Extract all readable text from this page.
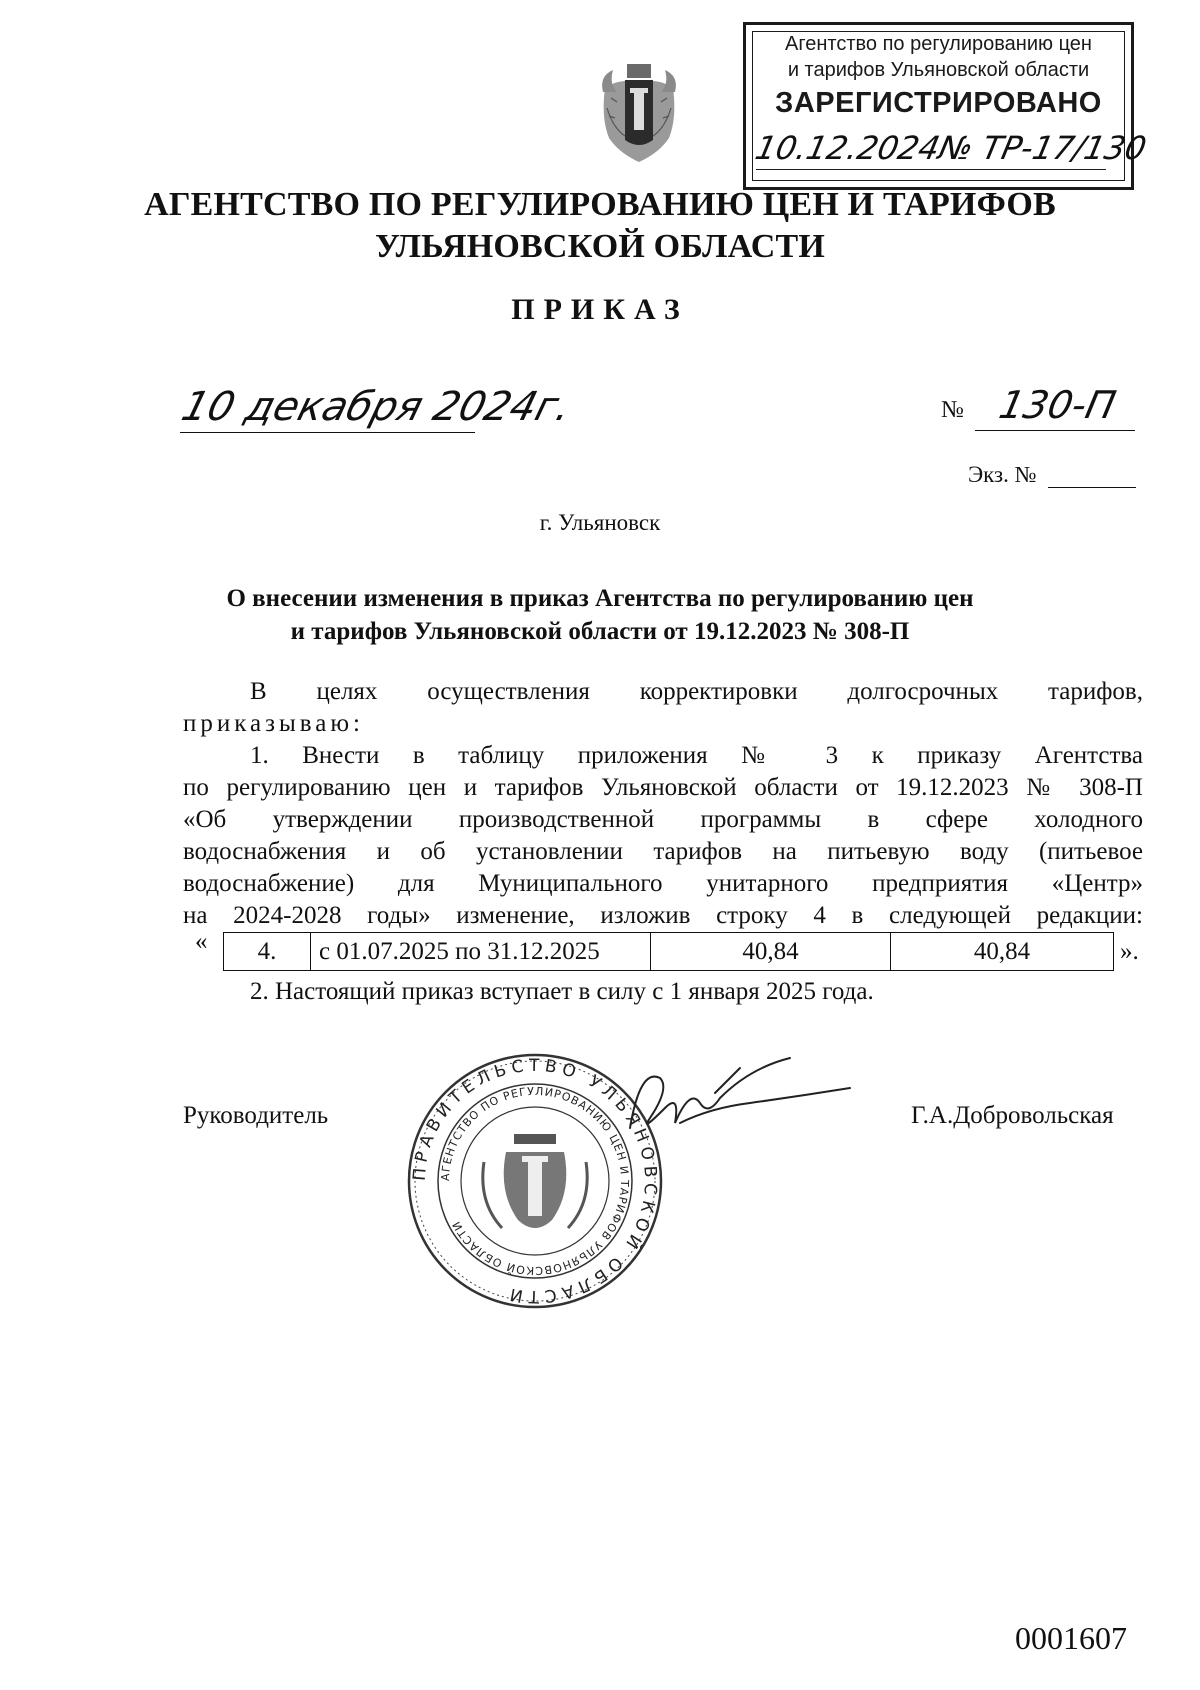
Агентство по регулированию цен
и тарифов Ульяновской области
ЗАРЕГИСТРИРОВАНО
10.12.2024№ ТР-17/130
АГЕНТСТВО ПО РЕГУЛИРОВАНИЮ ЦЕН И ТАРИФОВ
УЛЬЯНОВСКОЙ ОБЛАСТИ
ПРИКАЗ
10 декабря 2024г.	№ 130-П
Экз. №
г. Ульяновск
О внесении изменения в приказ Агентства по регулированию цен
и тарифов Ульяновской области от 19.12.2023 № 308-П
В целях осуществления корректировки долгосрочных тарифов,
приказываю:
1. Внести в таблицу приложения № 3 к приказу Агентства
по регулированию цен и тарифов Ульяновской области от 19.12.2023 № 308-П
«Об утверждении производственной программы в сфере холодного
водоснабжения и об установлении тарифов на питьевую воду (питьевое
водоснабжение) для Муниципального унитарного предприятия «Центр»
на 2024-2028 годы» изменение, изложив строку 4 в следующей редакции:
« 4.	с 01.07.2025 по 31.12.2025	40,84	40,84	».
2. Настоящий приказ вступает в силу с 1 января 2025 года.
ПРАВИТЕЛЬСТВО УЛЬЯНОВСКОЙ ОБЛАСТИ
АГЕНТСТВО ПО РЕГУЛИРОВАНИЮ ЦЕН И ТАРИФОВ УЛЬЯНОВСКОЙ ОБЛАСТИ
Руководитель	Г.А.Добровольская
0001607
